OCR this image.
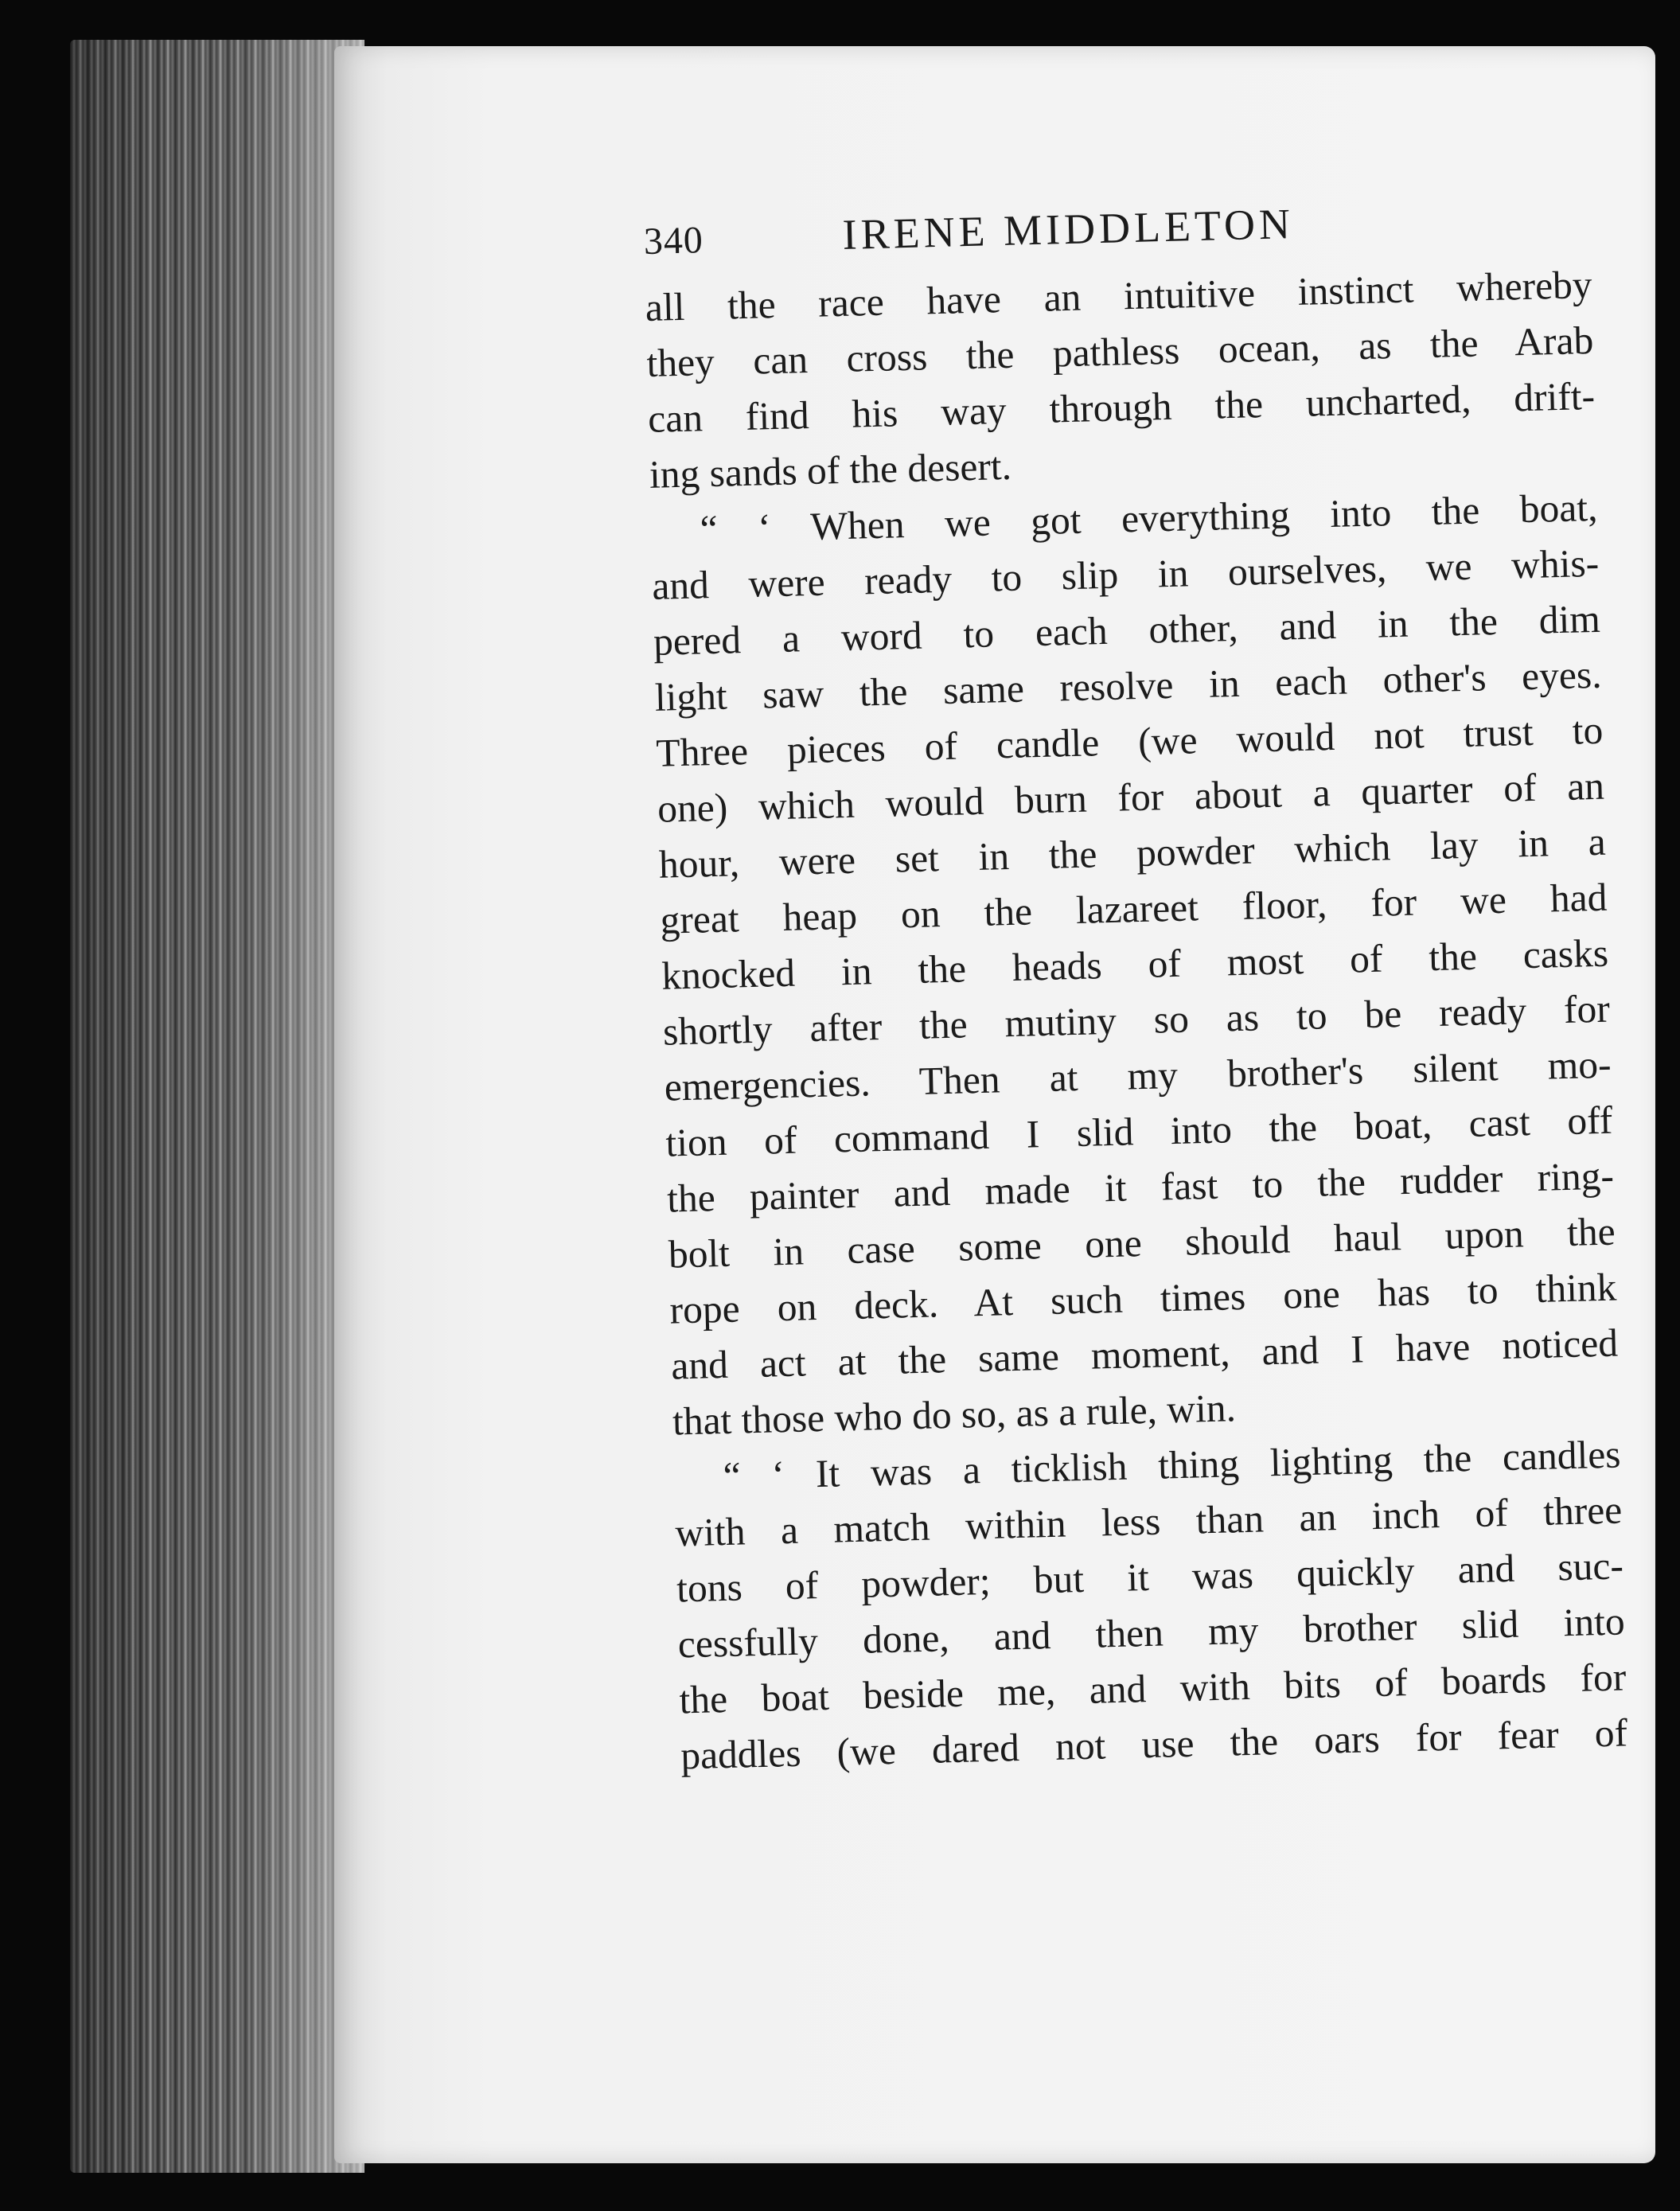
340	IRENE MIDDLETON

all the race have an intuitive instinct whereby
they can cross the pathless ocean, as the Arab
can find his way through the uncharted, drift-
ing sands of the desert.

“ ‘ When we got everything into the boat,
and were ready to slip in ourselves, we whis-
pered a word to each other, and in the dim
light saw the same resolve in each other's eyes.
Three pieces of candle (we would not trust to
one) which would burn for about a quarter of an
hour, were set in the powder which lay in a
great heap on the lazareet floor, for we had
knocked in the heads of most of the casks
shortly after the mutiny so as to be ready for
emergencies. Then at my brother's silent mo-
tion of command I slid into the boat, cast off
the painter and made it fast to the rudder ring-
bolt in case some one should haul upon the
rope on deck. At such times one has to think
and act at the same moment, and I have noticed
that those who do so, as a rule, win.

“ ‘ It was a ticklish thing lighting the candles
with a match within less than an inch of three
tons of powder; but it was quickly and suc-
cessfully done, and then my brother slid into
the boat beside me, and with bits of boards for
paddles (we dared not use the oars for fear of
